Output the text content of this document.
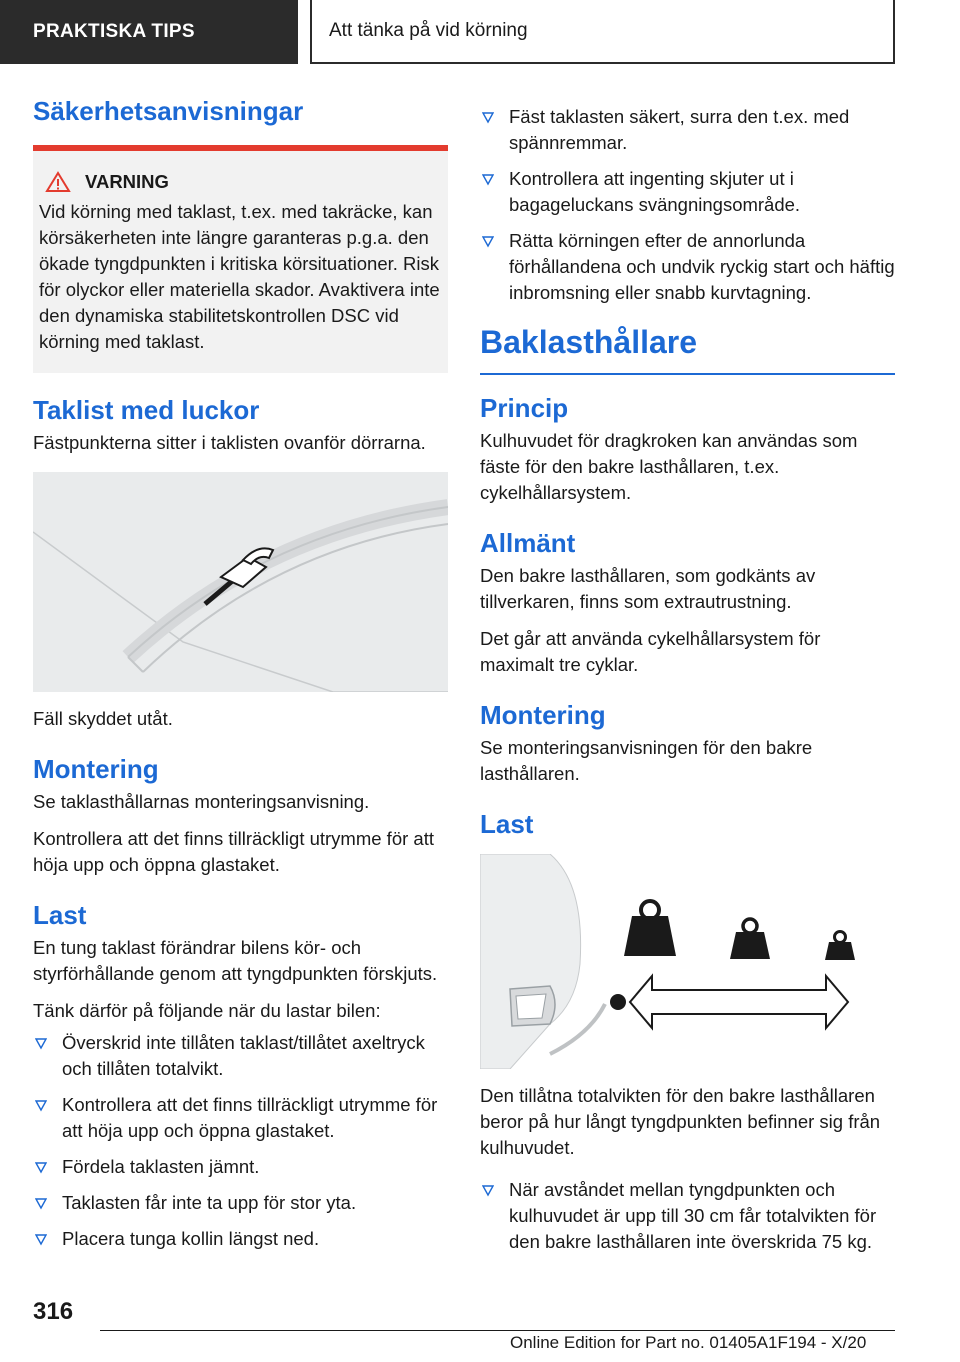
PRAKTISKA TIPS	Att tänka på vid körning
Säkerhetsanvisningar
VARNING

Vid körning med taklast, t.ex. med takräcke, kan körsäkerheten inte längre garanteras p.g.a. den ökade tyngdpunkten i kritiska körsituationer. Risk för olyckor eller materiella skador. Avaktivera inte den dynamiska stabilitetskontrollen DSC vid körning med taklast.

Taklist med luckor

Fästpunkterna sitter i taklisten ovanför dörrarna.

Fäll skyddet utåt.

Montering

Se taklasthållarnas monteringsanvisning.

Kontrollera att det finns tillräckligt utrymme för att höja upp och öppna glastaket.

Last

En tung taklast förändrar bilens kör- och styrförhållande genom att tyngdpunkten förskjuts.

Tänk därför på följande när du lastar bilen:

Överskrid inte tillåten taklast/tillåtet axeltryck och tillåten totalvikt.
Kontrollera att det finns tillräckligt utrymme för att höja upp och öppna glastaket.
Fördela taklasten jämnt.
Taklasten får inte ta upp för stor yta.
Placera tunga kollin längst ned.
Fäst taklasten säkert, surra den t.ex. med spännremmar.
Kontrollera att ingenting skjuter ut i bagageluckans svängningsområde.
Rätta körningen efter de annorlunda förhållandena och undvik ryckig start och häftig inbromsning eller snabb kurvtagning.
Baklasthållare
Princip

Kulhuvudet för dragkroken kan användas som fäste för den bakre lasthållaren, t.ex. cykelhållarsystem.

Allmänt

Den bakre lasthållaren, som godkänts av tillverkaren, finns som extrautrustning.

Det går att använda cykelhållarsystem för maximalt tre cyklar.

Montering

Se monteringsanvisningen för den bakre lasthållaren.

Last

Den tillåtna totalvikten för den bakre lasthållaren beror på hur långt tyngdpunkten befinner sig från kulhuvudet.

När avståndet mellan tyngdpunkten och kulhuvudet är upp till 30 cm får totalvikten för den bakre lasthållaren inte överskrida 75 kg.
316
Online Edition for Part no. 01405A1F194 - X/20
